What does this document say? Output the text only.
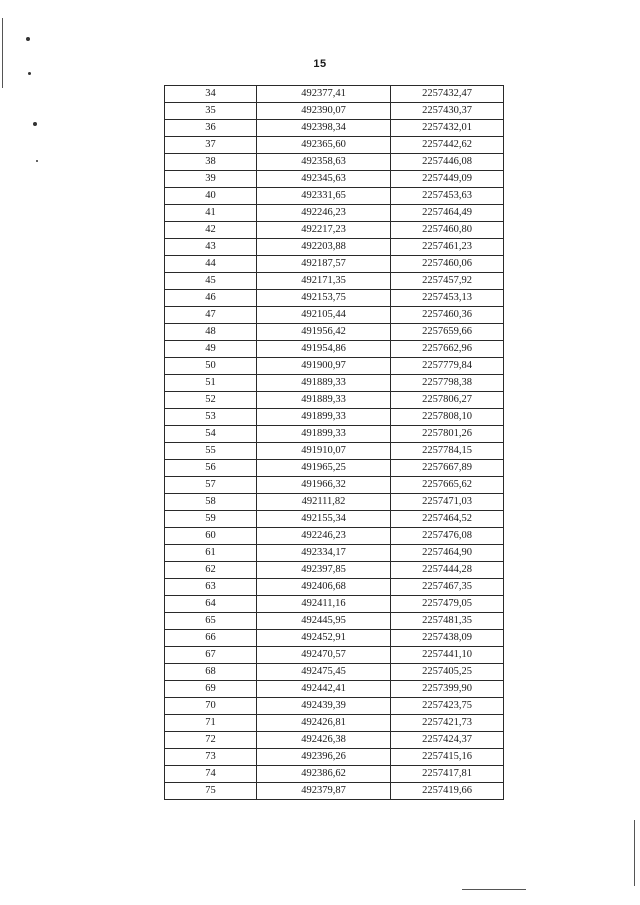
15
34	492377,41	2257432,47
35	492390,07	2257430,37
36	492398,34	2257432,01
37	492365,60	2257442,62
38	492358,63	2257446,08
39	492345,63	2257449,09
40	492331,65	2257453,63
41	492246,23	2257464,49
42	492217,23	2257460,80
43	492203,88	2257461,23
44	492187,57	2257460,06
45	492171,35	2257457,92
46	492153,75	2257453,13
47	492105,44	2257460,36
48	491956,42	2257659,66
49	491954,86	2257662,96
50	491900,97	2257779,84
51	491889,33	2257798,38
52	491889,33	2257806,27
53	491899,33	2257808,10
54	491899,33	2257801,26
55	491910,07	2257784,15
56	491965,25	2257667,89
57	491966,32	2257665,62
58	492111,82	2257471,03
59	492155,34	2257464,52
60	492246,23	2257476,08
61	492334,17	2257464,90
62	492397,85	2257444,28
63	492406,68	2257467,35
64	492411,16	2257479,05
65	492445,95	2257481,35
66	492452,91	2257438,09
67	492470,57	2257441,10
68	492475,45	2257405,25
69	492442,41	2257399,90
70	492439,39	2257423,75
71	492426,81	2257421,73
72	492426,38	2257424,37
73	492396,26	2257415,16
74	492386,62	2257417,81
75	492379,87	2257419,66
